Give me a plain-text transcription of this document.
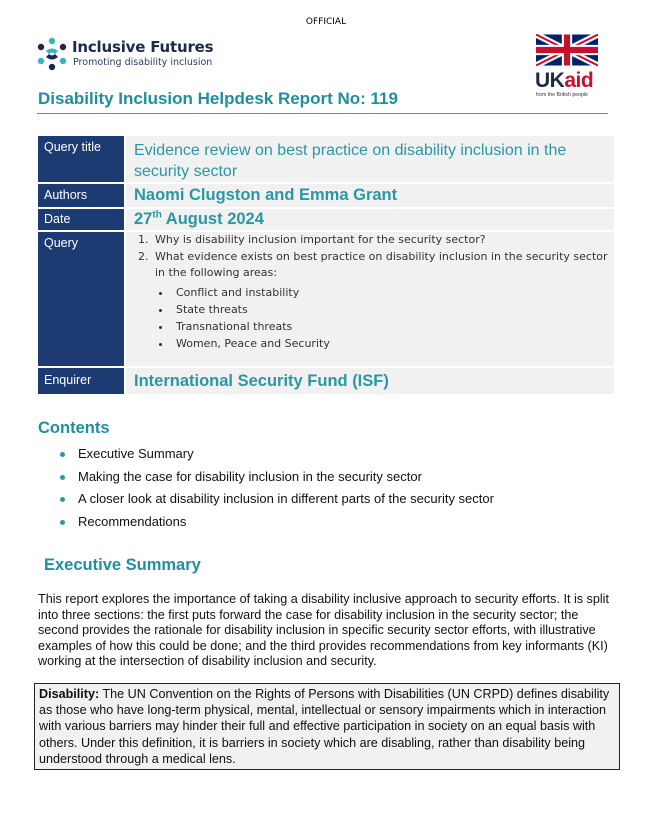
OFFICIAL
Inclusive Futures
Promoting disability inclusion
UKaid
from the British people
Disability Inclusion Helpdesk Report No: 119
Query title	Evidence review on best practice on disability inclusion in the security sector
Authors	Naomi Clugston and Emma Grant
Date	27th August 2024
Query
1.	Why is disability inclusion important for the security sector?
2. What evidence exists on best practice on disability inclusion in the security sector in the following areas:
• Conflict and instability
• State threats
• Transnational threats
• Women, Peace and Security
Enquirer	International Security Fund (ISF)
Contents
Executive Summary
Making the case for disability inclusion in the security sector
A closer look at disability inclusion in different parts of the security sector
Recommendations
Executive Summary

This report explores the importance of taking a disability inclusive approach to security efforts. It is split into three sections: the first puts forward the case for disability inclusion in the security sector; the second provides the rationale for disability inclusion in specific security sector efforts, with illustrative examples of how this could be done; and the third provides recommendations from key informants (KI) working at the intersection of disability inclusion and security.

Disability: The UN Convention on the Rights of Persons with Disabilities (UN CRPD) defines disability as those who have long-term physical, mental, intellectual or sensory impairments which in interaction with various barriers may hinder their full and effective participation in society on an equal basis with others. Under this definition, it is barriers in society which are disabling, rather than disability being understood through a medical lens.
